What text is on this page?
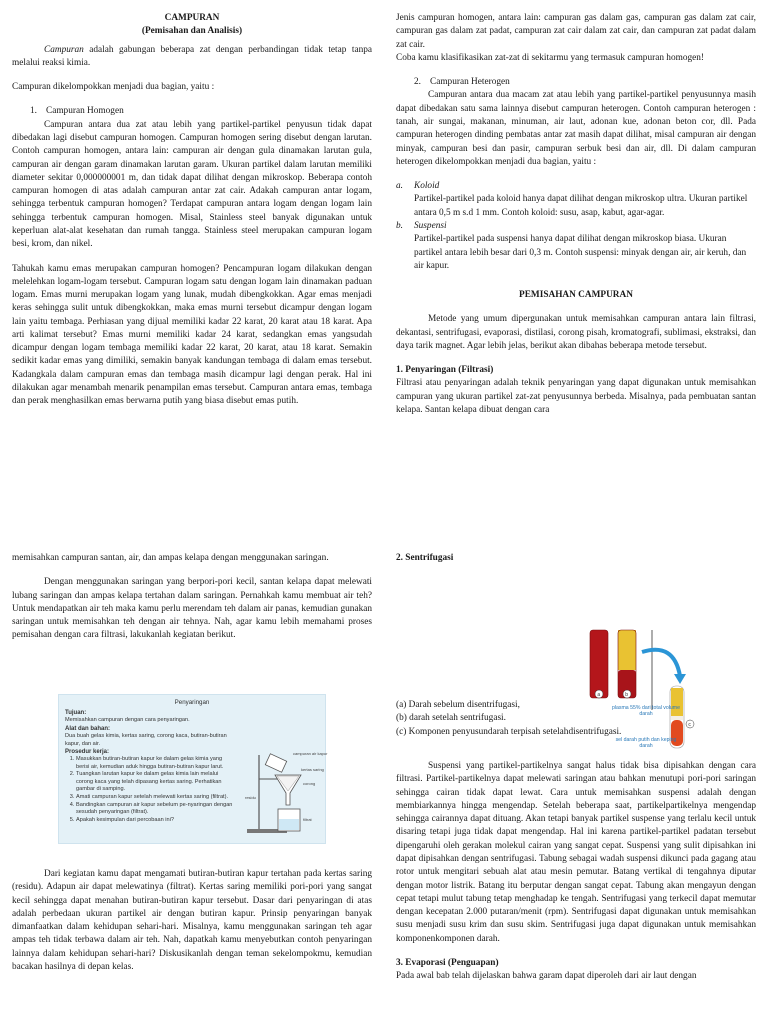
CAMPURAN

(Pemisahan dan Analisis)

Campuran adalah gabungan beberapa zat dengan perbandingan tidak tetap tanpa melalui reaksi kimia.

Campuran dikelompokkan menjadi dua bagian, yaitu :

1. Campuran Homogen

Campuran antara dua zat atau lebih yang partikel-partikel penyusun tidak dapat dibedakan lagi disebut campuran homogen. Campuran homogen sering disebut dengan larutan. Contoh campuran homogen, antara lain: campuran air dengan gula dinamakan larutan gula, campuran air dengan garam dinamakan larutan garam. Ukuran partikel dalam larutan memiliki diameter sekitar 0,000000001 m, dan tidak dapat dilihat dengan mikroskop. Beberapa contoh campuran homogen di atas adalah campuran antar zat cair. Adakah campuran antar logam, sehingga terbentuk campuran homogen? Terdapat campuran antara logam dengan logam lain sehingga terbentuk campuran homogen. Misal, Stainless steel banyak digunakan untuk keperluan alat-alat kesehatan dan rumah tangga. Stainless steel merupakan campuran logam besi, krom, dan nikel.

Tahukah kamu emas merupakan campuran homogen? Pencampuran logam dilakukan dengan melelehkan logam-logam tersebut. Campuran logam satu dengan logam lain dinamakan paduan logam. Emas murni merupakan logam yang lunak, mudah dibengkokkan. Agar emas menjadi keras sehingga sulit untuk dibengkokkan, maka emas murni tersebut dicampur dengan logam lain yaitu tembaga. Perhiasan yang dijual memiliki kadar 22 karat, 20 karat atau 18 karat. Apa arti kalimat tersebut? Emas murni memiliki kadar 24 karat, sedangkan emas yangsudah dicampur dengan logam tembaga memiliki kadar 22 karat, 20 karat, atau 18 karat. Semakin sedikit kadar emas yang dimiliki, semakin banyak kandungan tembaga di dalam emas tersebut. Kadangkala dalam campuran emas dan tembaga masih dicampur lagi dengan perak. Hal ini dilakukan agar menambah menarik penampilan emas tersebut. Campuran antara emas, tembaga dan perak menghasilkan emas berwarna putih yang biasa disebut emas putih.

Jenis campuran homogen, antara lain: campuran gas dalam gas, campuran gas dalam zat cair, campuran gas dalam zat padat, campuran zat cair dalam zat cair, dan campuran zat padat dalam zat cair.

Coba kamu klasifikasikan zat-zat di sekitarmu yang termasuk campuran homogen!

2. Campuran Heterogen

Campuran antara dua macam zat atau lebih yang partikel-partikel penyusunnya masih dapat dibedakan satu sama lainnya disebut campuran heterogen. Contoh campuran heterogen : tanah, air sungai, makanan, minuman, air laut, adonan kue, adonan beton cor, dll. Pada campuran heterogen dinding pembatas antar zat masih dapat dilihat, misal campuran air dengan minyak, campuran besi dan pasir, campuran serbuk besi dan air, dll. Di dalam campuran heterogen dikelompokkan menjadi dua bagian, yaitu :

a. Koloid

Partikel-partikel pada koloid hanya dapat dilihat dengan mikroskop ultra. Ukuran partikel antara 0,5 m s.d 1 mm. Contoh koloid: susu, asap, kabut, agar-agar.

b. Suspensi

Partikel-partikel pada suspensi hanya dapat dilihat dengan mikroskop biasa. Ukuran partikel antara lebih besar dari 0,3 m. Contoh suspensi: minyak dengan air, air keruh, dan air kapur.

PEMISAHAN CAMPURAN

Metode yang umum dipergunakan untuk memisahkan campuran antara lain filtrasi, dekantasi, sentrifugasi, evaporasi, distilasi, corong pisah, kromatografi, sublimasi, ekstraksi, dan daya tarik magnet. Agar lebih jelas, berikut akan dibahas beberapa metode tersebut.

1. Penyaringan (Filtrasi)

Filtrasi atau penyaringan adalah teknik penyaringan yang dapat digunakan untuk memisahkan campuran yang ukuran partikel zat-zat penyusunnya berbeda. Misalnya, pada pembuatan santan kelapa. Santan kelapa dibuat dengan cara

memisahkan campuran santan, air, dan ampas kelapa dengan menggunakan saringan.

Dengan menggunakan saringan yang berpori-pori kecil, santan kelapa dapat melewati lubang saringan dan ampas kelapa tertahan dalam saringan. Pernahkah kamu membuat air teh? Untuk mendapatkan air teh maka kamu perlu merendam teh dalam air panas, kemudian gunakan saringan untuk memisahkan teh dengan air tehnya. Nah, agar kamu lebih memahami proses pemisahan dengan cara filtrasi, lakukanlah kegiatan berikut.

Penyaringan
Tujuan:
Memisahkan campuran dengan cara penyaringan.
Alat dan bahan:
Dua buah gelas kimia, kertas saring, corong kaca, butiran-butiran kapur, dan air.
Prosedur kerja:
1. Masukkan butiran-butiran kapur ke dalam gelas kimia yang berisi air, kemudian aduk hingga butiran-butiran kapur larut.
2. Tuangkan larutan kapur ke dalam gelas kimia lain melalui corong kaca yang telah dipasang kertas saring. Perhatikan gambar di samping.
3. Amati campuran kapur setelah melewati kertas saring (filtrat).
4. Bandingkan campuran air kapur sebelum pe-nyaringan dengan sesudah penyaringan (filtrat).
5. Apakah kesimpulan dari percobaan ini?
campuran air kapur
kertas saring
corong
residu
filtrat

Dari kegiatan kamu dapat mengamati butiran-butiran kapur tertahan pada kertas saring (residu). Adapun air dapat melewatinya (filtrat). Kertas saring memiliki pori-pori yang sangat kecil sehingga dapat menahan butiran-butiran kapur tersebut. Dasar dari penyaringan di atas adalah perbedaan ukuran partikel air dengan butiran kapur. Prinsip penyaringan banyak dimanfaatkan dalam kehidupan sehari-hari. Misalnya, kamu menggunakan saringan teh agar ampas teh tidak terbawa dalam air teh. Nah, dapatkah kamu menyebutkan contoh penyaringan lainnya dalam kehidupan sehari-hari? Diskusikanlah dengan teman sekelompokmu, kemudian bacakan hasilnya di depan kelas.

2. Sentrifugasi

a	b
c
plasma 55% dari total volume darah
sel darah putih dan keping darah

(a) Darah sebelum disentrifugasi,

(b) darah setelah sentrifugasi.

(c) Komponen penyusundarah terpisah setelahdisentrifugasi.

Suspensi yang partikel-partikelnya sangat halus tidak bisa dipisahkan dengan cara filtrasi. Partikel-partikelnya dapat melewati saringan atau bahkan menutupi pori-pori saringan sehingga cairan tidak dapat lewat. Cara untuk memisahkan suspensi adalah dengan membiarkannya hingga mengendap. Setelah beberapa saat, partikelpartikelnya mengendap sehingga cairannya dapat dituang. Akan tetapi banyak partikel suspense yang terlalu kecil untuk disaring tetapi juga tidak dapat mengendap. Hal ini karena partikel-partikel padatan tersebut dipengaruhi oleh gerakan molekul cairan yang sangat cepat. Suspensi yang sulit dipisahkan ini dapat dipisahkan dengan sentrifugasi. Tabung sebagai wadah suspensi dikunci pada gagang atau rotor untuk mengitari sebuah alat atau mesin pemutar. Batang vertikal di tengahnya diputar dengan motor listrik. Batang itu berputar dengan sangat cepat. Tabung akan mengayun dengan cepat tetapi mulut tabung tetap menghadap ke tengah. Sentrifugasi yang terkecil dapat memutar dengan kecepatan 2.000 putaran/menit (rpm). Sentrifugasi dapat digunakan untuk memisahkan susu menjadi susu krim dan susu skim. Sentrifugasi juga dapat digunakan untuk memisahkan komponenkomponen darah.

3. Evaporasi (Penguapan)

Pada awal bab telah dijelaskan bahwa garam dapat diperoleh dari air laut dengan
